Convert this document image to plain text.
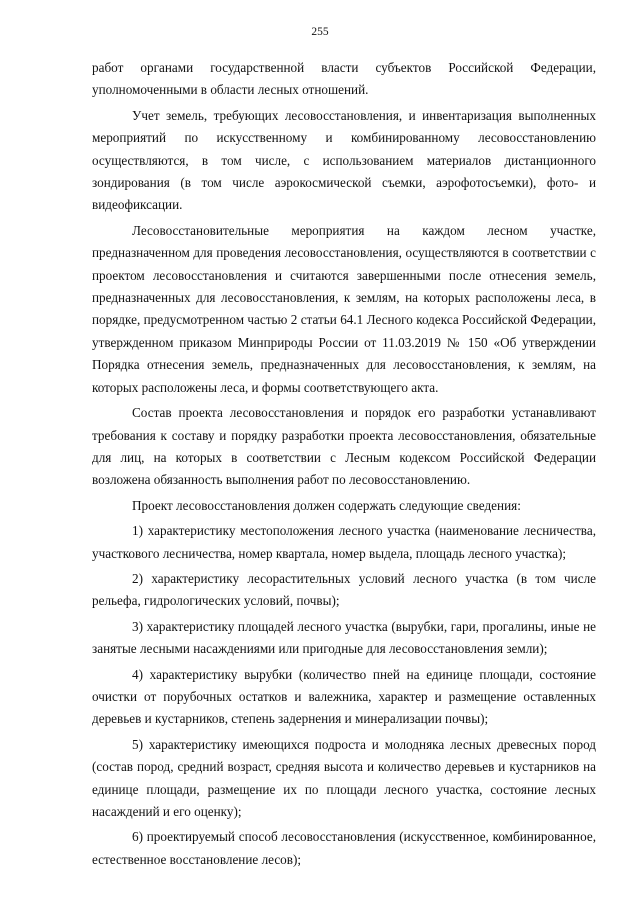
255

работ органами государственной власти субъектов Российской Федерации, уполномоченными в области лесных отношений.

Учет земель, требующих лесовосстановления, и инвентаризация выполненных мероприятий по искусственному и комбинированному лесовосстановлению осуществляются, в том числе, с использованием материалов дистанционного зондирования (в том числе аэрокосмической съемки, аэрофотосъемки), фото- и видеофиксации.

Лесовосстановительные мероприятия на каждом лесном участке, предназначенном для проведения лесовосстановления, осуществляются в соответствии с проектом лесовосстановления и считаются завершенными после отнесения земель, предназначенных для лесовосстановления, к землям, на которых расположены леса, в порядке, предусмотренном частью 2 статьи 64.1 Лесного кодекса Российской Федерации, утвержденном приказом Минприроды России от 11.03.2019 № 150 «Об утверждении Порядка отнесения земель, предназначенных для лесовосстановления, к землям, на которых расположены леса, и формы соответствующего акта.

Состав проекта лесовосстановления и порядок его разработки устанавливают требования к составу и порядку разработки проекта лесовосстановления, обязательные для лиц, на которых в соответствии с Лесным кодексом Российской Федерации возложена обязанность выполнения работ по лесовосстановлению.

Проект лесовосстановления должен содержать следующие сведения:

1) характеристику местоположения лесного участка (наименование лесничества, участкового лесничества, номер квартала, номер выдела, площадь лесного участка);

2) характеристику лесорастительных условий лесного участка (в том числе рельефа, гидрологических условий, почвы);

3) характеристику площадей лесного участка (вырубки, гари, прогалины, иные не занятые лесными насаждениями или пригодные для лесовосстановления земли);

4) характеристику вырубки (количество пней на единице площади, состояние очистки от порубочных остатков и валежника, характер и размещение оставленных деревьев и кустарников, степень задернения и минерализации почвы);

5) характеристику имеющихся подроста и молодняка лесных древесных пород (состав пород, средний возраст, средняя высота и количество деревьев и кустарников на единице площади, размещение их по площади лесного участка, состояние лесных насаждений и его оценку);

6) проектируемый способ лесовосстановления (искусственное, комбинированное, естественное восстановление лесов);
